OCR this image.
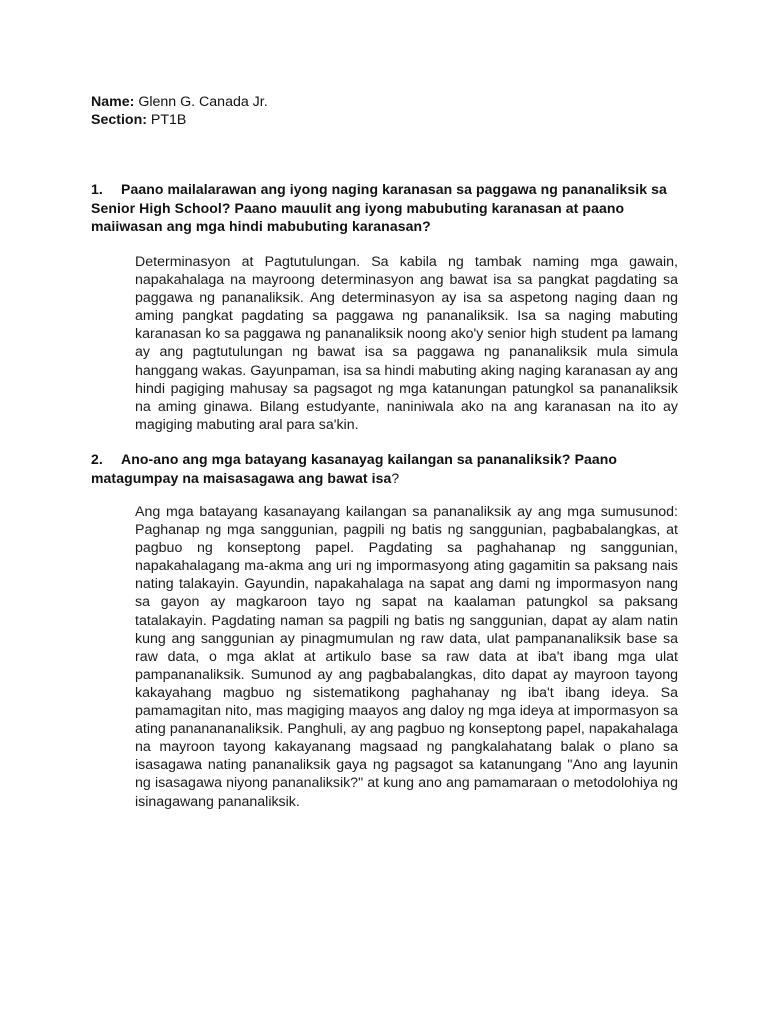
Name: Glenn G. Canada Jr.
Section: PT1B
1. Paano mailalarawan ang iyong naging karanasan sa paggawa ng pananaliksik sa Senior High School? Paano mauulit ang iyong mabubuting karanasan at paano maiiwasan ang mga hindi mabubuting karanasan?
Determinasyon at Pagtutulungan. Sa kabila ng tambak naming mga gawain, napakahalaga na mayroong determinasyon ang bawat isa sa pangkat pagdating sa paggawa ng pananaliksik. Ang determinasyon ay isa sa aspetong naging daan ng aming pangkat pagdating sa paggawa ng pananaliksik. Isa sa naging mabuting karanasan ko sa paggawa ng pananaliksik noong ako'y senior high student pa lamang ay ang pagtutulungan ng bawat isa sa paggawa ng pananaliksik mula simula hanggang wakas. Gayunpaman, isa sa hindi mabuting aking naging karanasan ay ang hindi pagiging mahusay sa pagsagot ng mga katanungan patungkol sa pananaliksik na aming ginawa. Bilang estudyante, naniniwala ako na ang karanasan na ito ay magiging mabuting aral para sa'kin.
2. Ano-ano ang mga batayang kasanayag kailangan sa pananaliksik? Paano matagumpay na maisasagawa ang bawat isa?
Ang mga batayang kasanayang kailangan sa pananaliksik ay ang mga sumusunod: Paghanap ng mga sanggunian, pagpili ng batis ng sanggunian, pagbabalangkas, at pagbuo ng konseptong papel. Pagdating sa paghahanap ng sanggunian, napakahalagang ma-akma ang uri ng impormasyong ating gagamitin sa paksang nais nating talakayin. Gayundin, napakahalaga na sapat ang dami ng impormasyon nang sa gayon ay magkaroon tayo ng sapat na kaalaman patungkol sa paksang tatalakayin. Pagdating naman sa pagpili ng batis ng sanggunian, dapat ay alam natin kung ang sanggunian ay pinagmumulan ng raw data, ulat pampananaliksik base sa raw data, o mga aklat at artikulo base sa raw data at iba't ibang mga ulat pampananaliksik. Sumunod ay ang pagbabalangkas, dito dapat ay mayroon tayong kakayahang magbuo ng sistematikong paghahanay ng iba't ibang ideya. Sa pamamagitan nito, mas magiging maayos ang daloy ng mga ideya at impormasyon sa ating pananananaliksik. Panghuli, ay ang pagbuo ng konseptong papel, napakahalaga na mayroon tayong kakayanang magsaad ng pangkalahatang balak o plano sa isasagawa nating pananaliksik gaya ng pagsagot sa katanungang "Ano ang layunin ng isasagawa niyong pananaliksik?" at kung ano ang pamamaraan o metodolohiya ng isinagawang pananaliksik.
